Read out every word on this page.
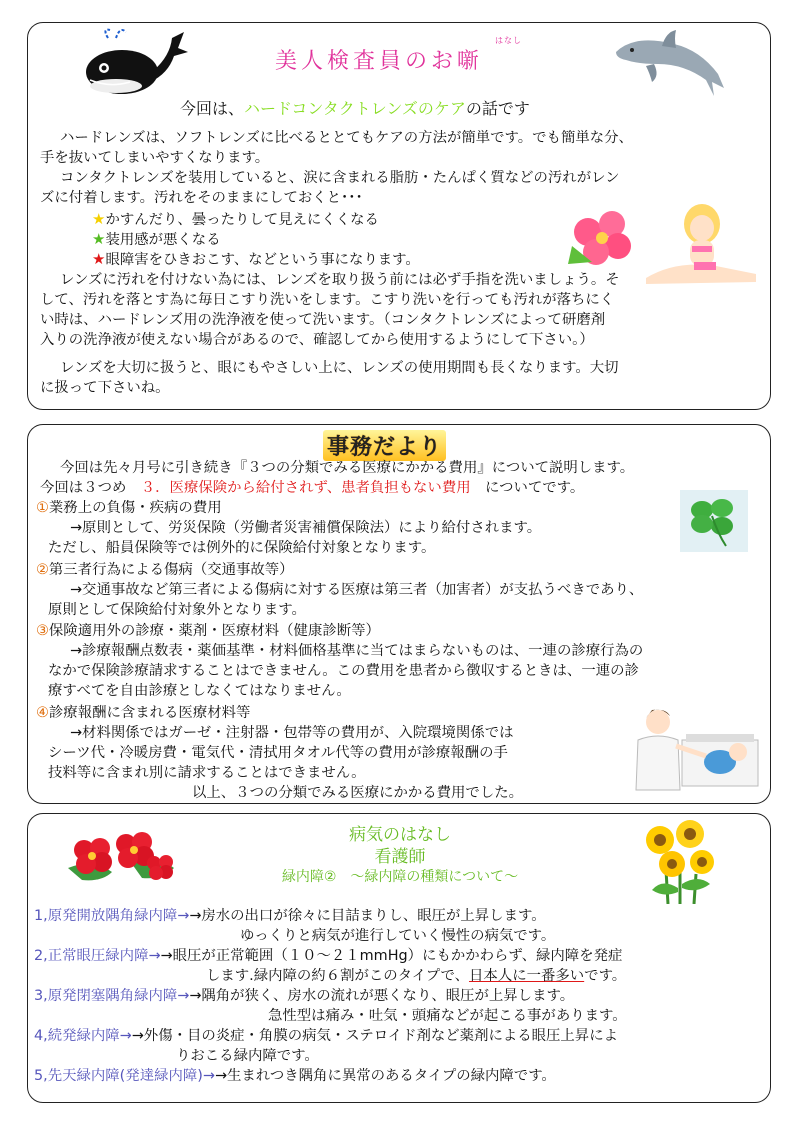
はなし
美人検査員のお噺
今回は、ハードコンタクトレンズのケアの話です
ハードレンズは、ソフトレンズに比べるととてもケアの方法が簡単です。でも簡単な分、
手を抜いてしまいやすくなります。
コンタクトレンズを装用していると、涙に含まれる脂肪・たんぱく質などの汚れがレン
ズに付着します。汚れをそのままにしておくと･･･
★かすんだり、曇ったりして見えにくくなる
★装用感が悪くなる
★眼障害をひきおこす、などという事になります。
レンズに汚れを付けない為には、レンズを取り扱う前には必ず手指を洗いましょう。そ
して、汚れを落とす為に毎日こすり洗いをします。こすり洗いを行っても汚れが落ちにく
い時は、ハードレンズ用の洗浄液を使って洗います。（コンタクトレンズによって研磨剤
入りの洗浄液が使えない場合があるので、確認してから使用するようにして下さい。）
レンズを大切に扱うと、眼にもやさしい上に、レンズの使用期間も長くなります。大切
に扱って下さいね。
事務だより
今回は先々月号に引き続き『３つの分類でみる医療にかかる費用』について説明します。
今回は３つめ　 ３．医療保険から給付されず、患者負担もない費用　 についてです。
①業務上の負傷・疾病の費用
→原則として、労災保険（労働者災害補償保険法）により給付されます。
ただし、船員保険等では例外的に保険給付対象となります。
②第三者行為による傷病（交通事故等）
→交通事故など第三者による傷病に対する医療は第三者（加害者）が支払うべきであり、
原則として保険給付対象外となります。
③保険適用外の診療・薬剤・医療材料（健康診断等）
→診療報酬点数表・薬価基準・材料価格基準に当てはまらないものは、一連の診療行為の
なかで保険診療請求することはできません。この費用を患者から徴収するときは、一連の診
療すべてを自由診療としなくてはなりません。
④診療報酬に含まれる医療材料等
→材料関係ではガーゼ・注射器・包帯等の費用が、入院環境関係では
シーツ代・冷暖房費・電気代・清拭用タオル代等の費用が診療報酬の手
技料等に含まれ別に請求することはできません。
以上、３つの分類でみる医療にかかる費用でした。
病気のはなし
看護師
緑内障②　～緑内障の種類について～
1,原発開放隅角緑内障→→房水の出口が徐々に目詰まりし、眼圧が上昇します。
ゆっくりと病気が進行していく慢性の病気です。
2,正常眼圧緑内障→→眼圧が正常範囲（１０～２１mmHg）にもかかわらず、緑内障を発症
します.緑内障の約６割がこのタイプで、日本人に一番多いです。
3,原発閉塞隅角緑内障→→隅角が狭く、房水の流れが悪くなり、眼圧が上昇します。
急性型は痛み・吐気・頭痛などが起こる事があります。
4,続発緑内障→→外傷・目の炎症・角膜の病気・ステロイド剤など薬剤による眼圧上昇によ
りおこる緑内障です。
5,先天緑内障(発達緑内障)→→生まれつき隅角に異常のあるタイプの緑内障です。
